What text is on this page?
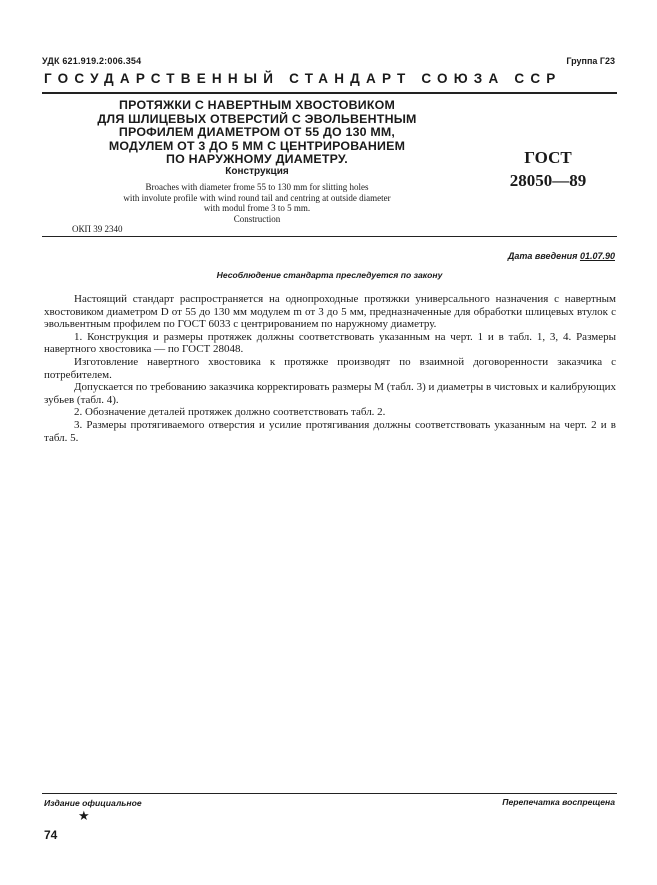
УДК 621.919.2:006.354	Группа Г23
ГОСУДАРСТВЕННЫЙ СТАНДАРТ СОЮЗА ССР
ПРОТЯЖКИ С НАВЕРТНЫМ ХВОСТОВИКОМ
ДЛЯ ШЛИЦЕВЫХ ОТВЕРСТИЙ С ЭВОЛЬВЕНТНЫМ
ПРОФИЛЕМ ДИАМЕТРОМ ОТ 55 ДО 130 ММ,
МОДУЛЕМ ОТ 3 ДО 5 ММ С ЦЕНТРИРОВАНИЕМ
ПО НАРУЖНОМУ ДИАМЕТРУ.
Конструкция
Broaches with diameter frome 55 to 130 mm for slitting holes
with involute profile with wind round tail and centring at outside diameter
with modul frome 3 to 5 mm.
Construction
ГОСТ
28050—89
ОКП 39 2340
Дата введения 01.07.90
Несоблюдение стандарта преследуется по закону

Настоящий стандарт распространяется на однопроходные протяжки универсального назначения с навертным хвостовиком диаметром D от 55 до 130 мм модулем m от 3 до 5 мм, предназначенные для обработки шлицевых втулок с эвольвентным профилем по ГОСТ 6033 с центрированием по наружному диаметру.

1. Конструкция и размеры протяжек должны соответствовать указанным на черт. 1 и в табл. 1, 3, 4. Размеры навертного хвостовика — по ГОСТ 28048.

Изготовление навертного хвостовика к протяжке производят по взаимной договоренности заказчика с потребителем.

Допускается по требованию заказчика корректировать размеры M (табл. 3) и диаметры в чистовых и калибрующих зубьев (табл. 4).

2. Обозначение деталей протяжек должно соответствовать табл. 2.

3. Размеры протягиваемого отверстия и усилие протягивания должны соответствовать указанным на черт. 2 и в табл. 5.

Издание официальное	Перепечатка воспрещена
★
74
